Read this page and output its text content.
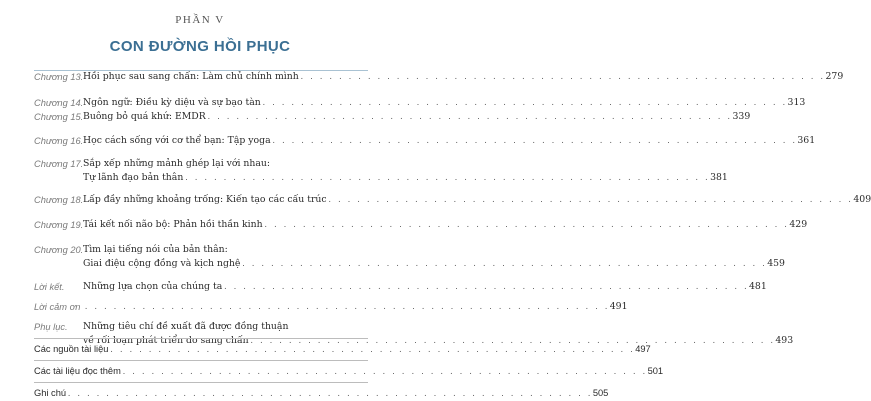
PHẦN V
CON ĐƯỜNG HỒI PHỤC
Chương 13. Hồi phục sau sang chấn: Làm chủ chính mình . . . . . . . . . . . . . . . . . . . . . . . . . . . . . . . . . . . . . . . . . . . . . . . . . . . . . . . 279
Chương 14. Ngôn ngữ: Điều kỳ diệu và sự bạo tàn . . . . . . . . . . . . . . . . . . . . . . . . . . . . . . . . . . . . . . . . . . . . . . . . . . . . . . . 313
Chương 15. Buông bỏ quá khứ: EMDR . . . . . . . . . . . . . . . . . . . . . . . . . . . . . . . . . . . . . . . . . . . . . . . . . . . . . . . 339
Chương 16. Học cách sống với cơ thể bạn: Tập yoga . . . . . . . . . . . . . . . . . . . . . . . . . . . . . . . . . . . . . . . . . . . . . . . . . . . . . . . 361
Chương 17. Sắp xếp những mảnh ghép lại với nhau:
Tự lãnh đạo bản thân . . . . . . . . . . . . . . . . . . . . . . . . . . . . . . . . . . . . . . . . . . . . . . . . . . . . . . . 381
Chương 18. Lấp đầy những khoảng trống: Kiến tạo các cấu trúc . . . . . . . . . . . . . . . . . . . . . . . . . . . . . . . . . . . . . . . . . . . . . . . . . . . . . . . 409
Chương 19. Tái kết nối não bộ: Phản hồi thần kinh . . . . . . . . . . . . . . . . . . . . . . . . . . . . . . . . . . . . . . . . . . . . . . . . . . . . . . . 429
Chương 20. Tìm lại tiếng nói của bản thân:
Giai điệu cộng đồng và kịch nghệ . . . . . . . . . . . . . . . . . . . . . . . . . . . . . . . . . . . . . . . . . . . . . . . . . . . . . . . 459
Lời kết. Những lựa chọn của chúng ta . . . . . . . . . . . . . . . . . . . . . . . . . . . . . . . . . . . . . . . . . . . . . . . . . . . . . . . 481
Lời cảm ơn . . . . . . . . . . . . . . . . . . . . . . . . . . . . . . . . . . . . . . . . . . . . . . . . . . . . . . . 491
Phụ lục. Những tiêu chí đề xuất đã được đồng thuận
về rối loạn phát triển do sang chấn . . . . . . . . . . . . . . . . . . . . . . . . . . . . . . . . . . . . . . . . . . . . . . . . . . . . . . . 493
Các nguồn tài liệu . . . . . . . . . . . . . . . . . . . . . . . . . . . . . . . . . . . . . . . . . . . . . . . . . . . . . . . 497
Các tài liệu đọc thêm . . . . . . . . . . . . . . . . . . . . . . . . . . . . . . . . . . . . . . . . . . . . . . . . . . . . . . . 501
Ghi chú . . . . . . . . . . . . . . . . . . . . . . . . . . . . . . . . . . . . . . . . . . . . . . . . . . . . . . . 505
